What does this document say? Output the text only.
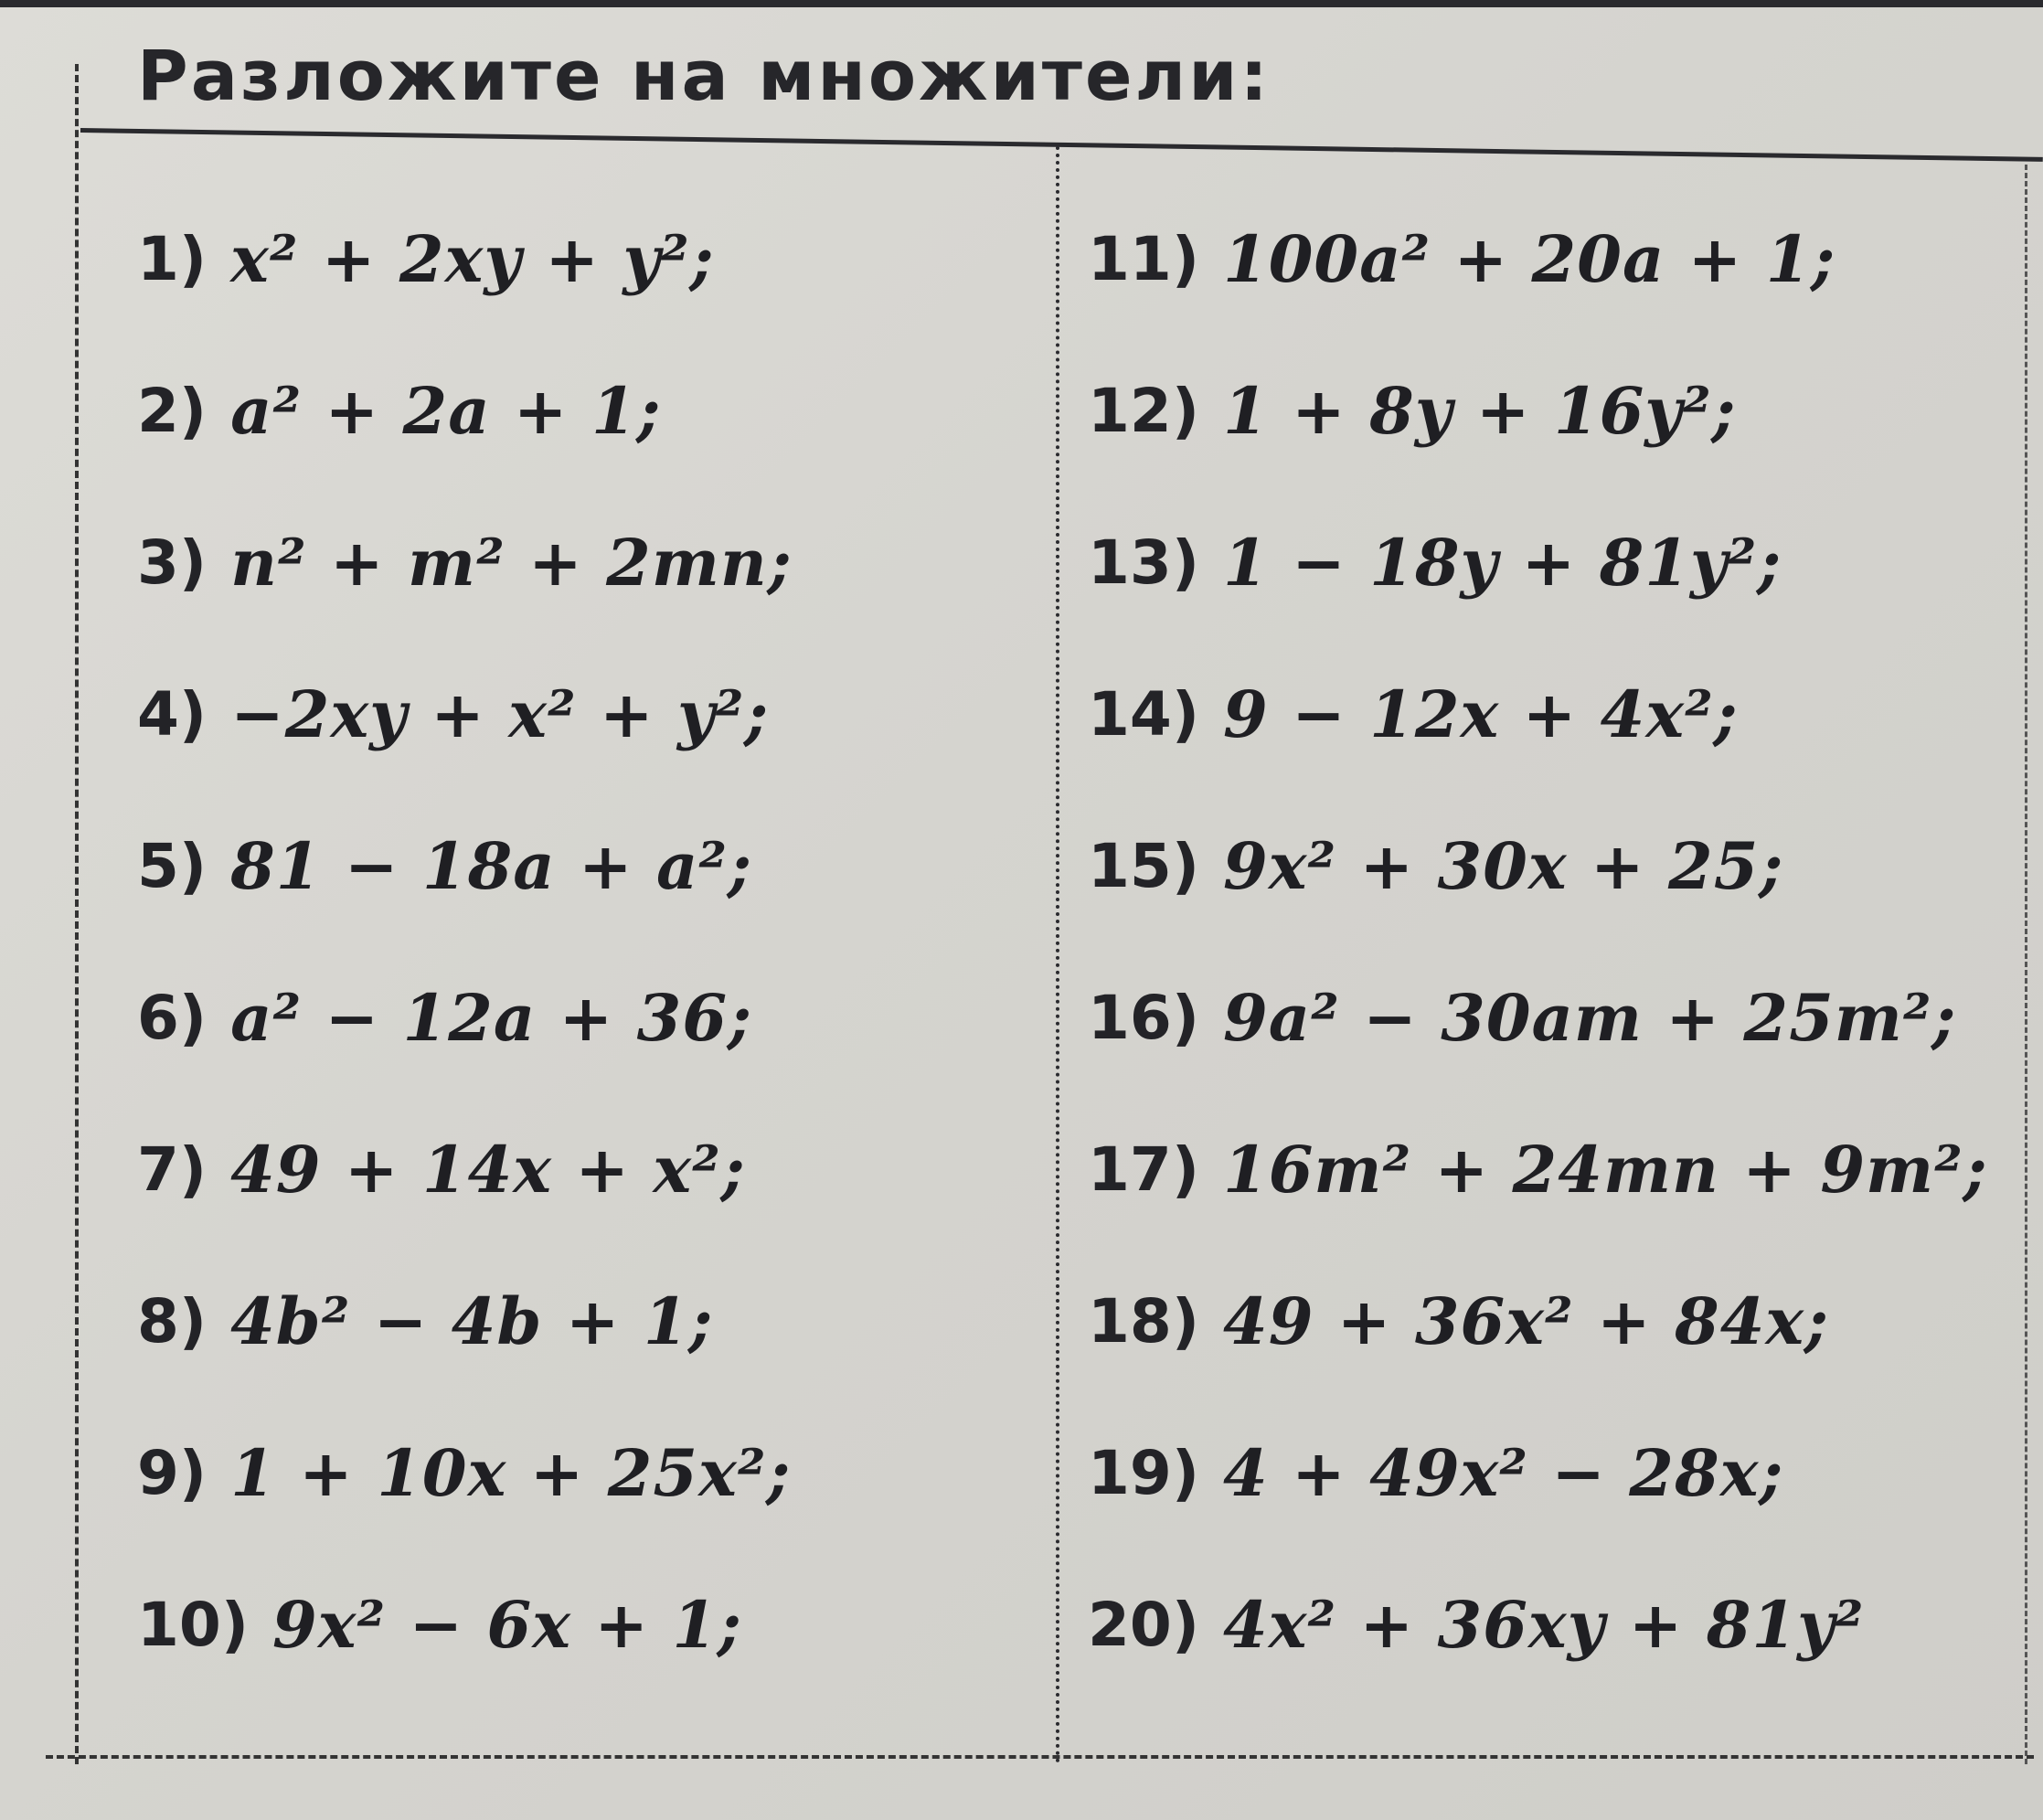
Разложите на множители:
1) x² + 2xy + y²;
2) a² + 2a + 1;
3) n² + m² + 2mn;
4) −2xy + x² + y²;
5) 81 − 18a + a²;
6) a² − 12a + 36;
7) 49 + 14x + x²;
8) 4b² − 4b + 1;
9) 1 + 10x + 25x²;
10) 9x² − 6x + 1;
11) 100a² + 20a + 1;
12) 1 + 8y + 16y²;
13) 1 − 18y + 81y²;
14) 9 − 12x + 4x²;
15) 9x² + 30x + 25;
16) 9a² − 30am + 25m²;
17) 16m² + 24mn + 9m²;
18) 49 + 36x² + 84x;
19) 4 + 49x² − 28x;
20) 4x² + 36xy + 81y²
